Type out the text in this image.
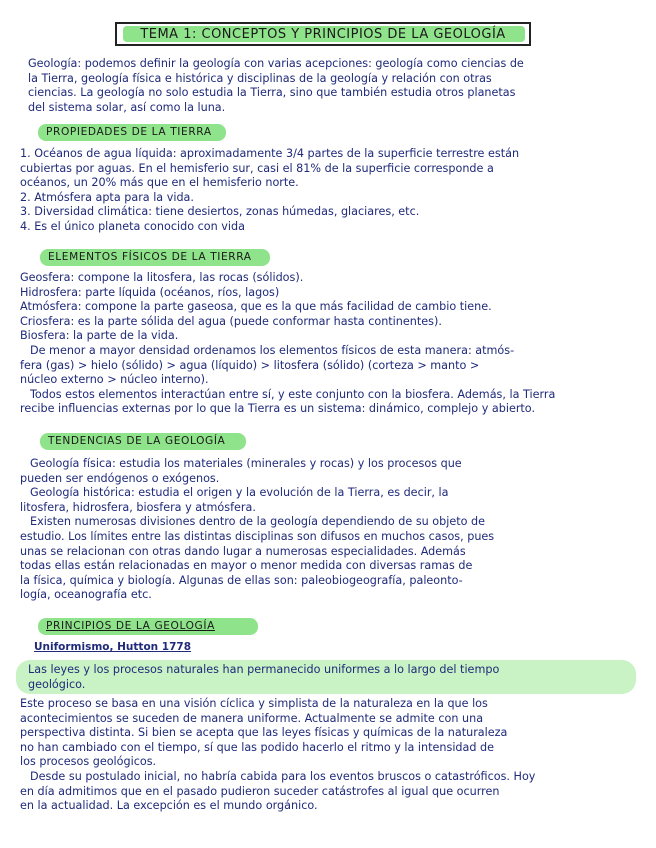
TEMA 1: CONCEPTOS Y PRINCIPIOS DE LA GEOLOGÍA
Geología: podemos definir la geología con varias acepciones: geología como ciencias de
la Tierra, geología física e histórica y disciplinas de la geología y relación con otras
ciencias. La geología no solo estudia la Tierra, sino que también estudia otros planetas
del sistema solar, así como la luna.
PROPIEDADES DE LA TIERRA
1. Océanos de agua líquida: aproximadamente 3/4 partes de la superficie terrestre están
cubiertas por aguas. En el hemisferio sur, casi el 81% de la superficie corresponde a
océanos, un 20% más que en el hemisferio norte.
2. Atmósfera apta para la vida.
3. Diversidad climática: tiene desiertos, zonas húmedas, glaciares, etc.
4. Es el único planeta conocido con vida
ELEMENTOS FÍSICOS DE LA TIERRA
Geosfera: compone la litosfera, las rocas (sólidos).
Hidrosfera: parte líquida (océanos, ríos, lagos)
Atmósfera: compone la parte gaseosa, que es la que más facilidad de cambio tiene.
Criosfera: es la parte sólida del agua (puede conformar hasta continentes).
Biosfera: la parte de la vida.
De menor a mayor densidad ordenamos los elementos físicos de esta manera: atmós-
fera (gas) > hielo (sólido) > agua (líquido) > litosfera (sólido) (corteza > manto >
núcleo externo > núcleo interno).
Todos estos elementos interactúan entre sí, y este conjunto con la biosfera. Además, la Tierra
recibe influencias externas por lo que la Tierra es un sistema: dinámico, complejo y abierto.
TENDENCIAS DE LA GEOLOGÍA
Geología física: estudia los materiales (minerales y rocas) y los procesos que
pueden ser endógenos o exógenos.
Geología histórica: estudia el origen y la evolución de la Tierra, es decir, la
litosfera, hidrosfera, biosfera y atmósfera.
Existen numerosas divisiones dentro de la geología dependiendo de su objeto de
estudio. Los límites entre las distintas disciplinas son difusos en muchos casos, pues
unas se relacionan con otras dando lugar a numerosas especialidades. Además
todas ellas están relacionadas en mayor o menor medida con diversas ramas de
la física, química y biología. Algunas de ellas son: paleobiogeografía, paleonto-
logía, oceanografía etc.
PRINCIPIOS DE LA GEOLOGÍA
Uniformismo, Hutton 1778
Las leyes y los procesos naturales han permanecido uniformes a lo largo del tiempo
geológico.
Este proceso se basa en una visión cíclica y simplista de la naturaleza en la que los
acontecimientos se suceden de manera uniforme. Actualmente se admite con una
perspectiva distinta. Si bien se acepta que las leyes físicas y químicas de la naturaleza
no han cambiado con el tiempo, sí que las podido hacerlo el ritmo y la intensidad de
los procesos geológicos.
Desde su postulado inicial, no habría cabida para los eventos bruscos o catastróficos. Hoy
en día admitimos que en el pasado pudieron suceder catástrofes al igual que ocurren
en la actualidad. La excepción es el mundo orgánico.
